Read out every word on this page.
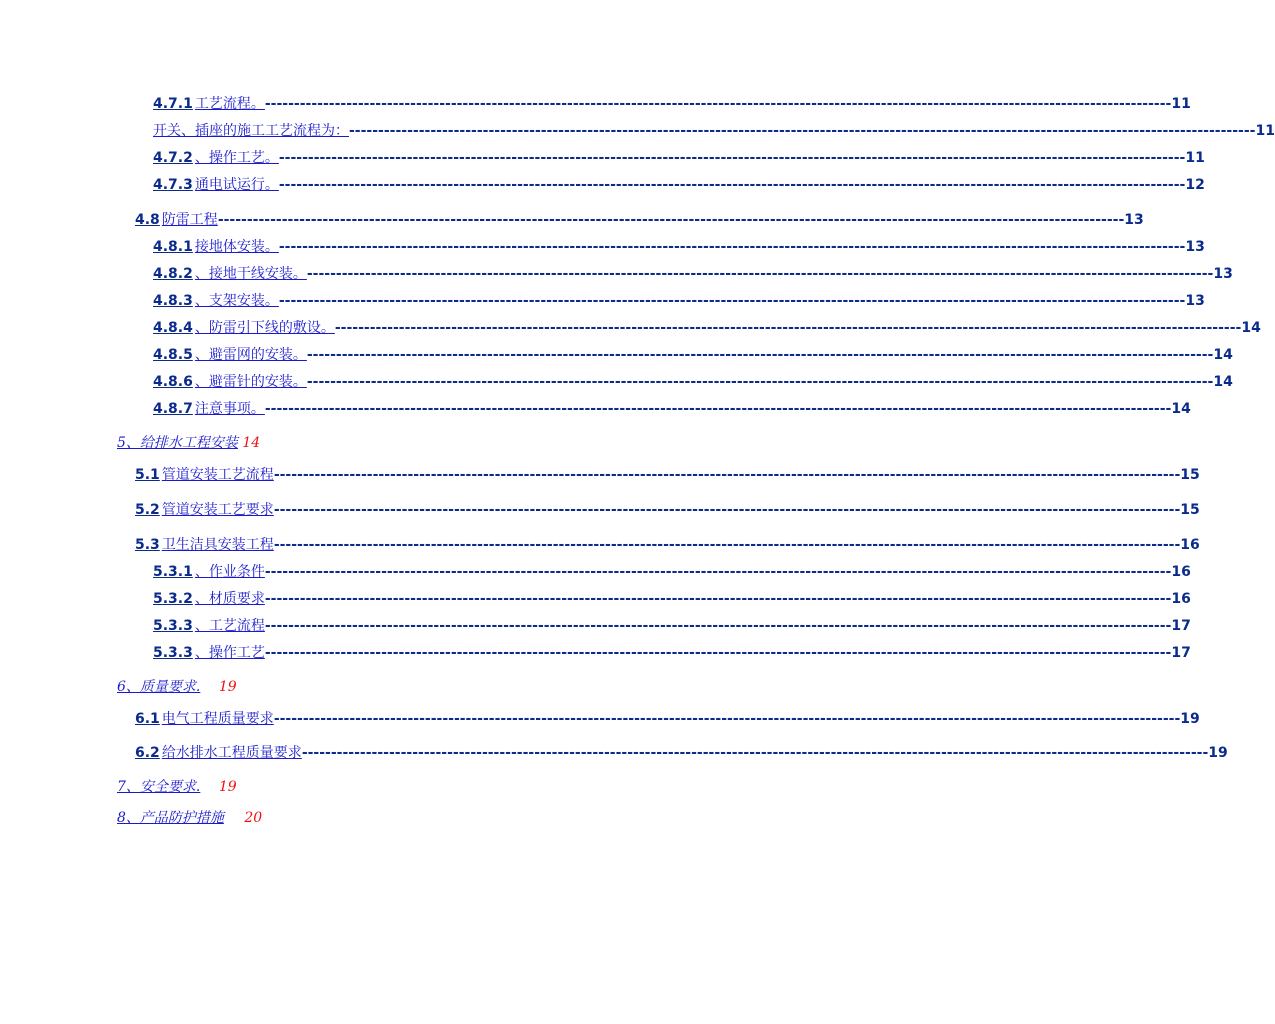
4.7.1 工艺流程。 ------------------------------------------------------------------------------------------------------------------------------------------------------------ 11
开关、插座的施工工艺流程为： ------------------------------------------------------------------------------------------------------------------------------------------------------------ 11
4.7.2 、操作工艺。 ------------------------------------------------------------------------------------------------------------------------------------------------------------ 11
4.7.3 通电试运行。 ------------------------------------------------------------------------------------------------------------------------------------------------------------ 12
4.8 防雷工程 ------------------------------------------------------------------------------------------------------------------------------------------------------------ 13
4.8.1 接地体安装。 ------------------------------------------------------------------------------------------------------------------------------------------------------------ 13
4.8.2 、接地干线安装。 ------------------------------------------------------------------------------------------------------------------------------------------------------------ 13
4.8.3 、支架安装。 ------------------------------------------------------------------------------------------------------------------------------------------------------------ 13
4.8.4 、防雷引下线的敷设。 ------------------------------------------------------------------------------------------------------------------------------------------------------------ 14
4.8.5 、避雷网的安装。 ------------------------------------------------------------------------------------------------------------------------------------------------------------ 14
4.8.6 、避雷针的安装。 ------------------------------------------------------------------------------------------------------------------------------------------------------------ 14
4.8.7 注意事项。 ------------------------------------------------------------------------------------------------------------------------------------------------------------ 14
5、给排水工程安装 14
5.1 管道安装工艺流程 ------------------------------------------------------------------------------------------------------------------------------------------------------------ 15
5.2 管道安装工艺要求 ------------------------------------------------------------------------------------------------------------------------------------------------------------ 15
5.3 卫生洁具安装工程 ------------------------------------------------------------------------------------------------------------------------------------------------------------ 16
5.3.1 、作业条件 ------------------------------------------------------------------------------------------------------------------------------------------------------------ 16
5.3.2 、材质要求 ------------------------------------------------------------------------------------------------------------------------------------------------------------ 16
5.3.3 、工艺流程 ------------------------------------------------------------------------------------------------------------------------------------------------------------ 17
5.3.3 、操作工艺 ------------------------------------------------------------------------------------------------------------------------------------------------------------ 17
6、质量要求. 19
6.1 电气工程质量要求 ------------------------------------------------------------------------------------------------------------------------------------------------------------ 19
6.2 给水排水工程质量要求 ------------------------------------------------------------------------------------------------------------------------------------------------------------ 19
7、安全要求. 19
8、产品防护措施 20
